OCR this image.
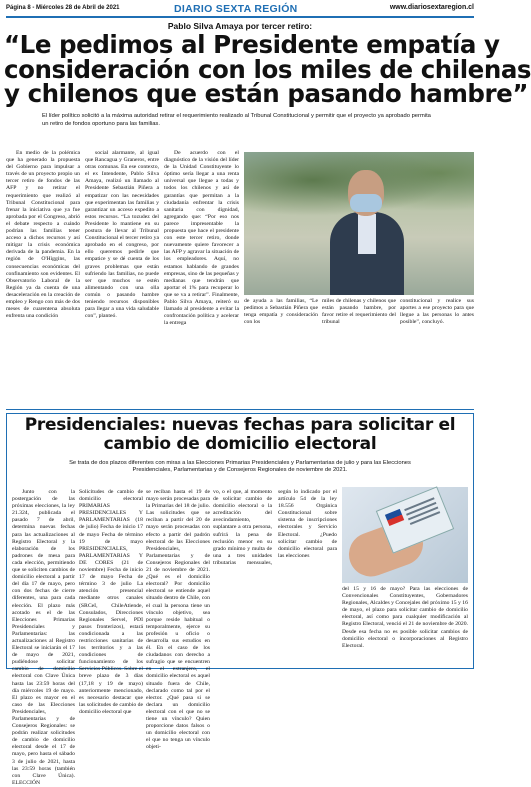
Página 8 - Miércoles 28 de Abril de 2021	DIARIO SEXTA REGIÓN	www.diariosextaregion.cl
Pablo Silva Amaya por tercer retiro:
“Le pedimos al Presidente empatía y
consideración con los miles de chilenas
y chilenos que están pasando hambre”
El líder político solicitó a la máxima autoridad retirar el requerimiento realizado al Tribunal Constitucional y permitir que el proyecto ya aprobado permita un retiro de fondos oportuno para las familias.

En medio de la polémica que ha generado la propuesta del Gobierno para impulsar a través de un proyecto propio un tercer retiro de fondos de las AFP y no retirar el requerimiento que realizó al Tribunal Constitucional para frenar la iniciativa que ya fue aprobada por el Congreso, abrió el debate respecto a cuándo podrían las familias tener acceso a dichos recursos y así mitigar la crisis económica derivada de la pandemia. En la región de O'Higgins, las consecuencias económicas del confinamiento son evidentes. El Observatorio Laboral de la Región ya da cuenta de una desaceleración en la creación de empleo y Rengo con más de dos meses de cuarentena absoluta enfrenta una condición

social alarmante, al igual que Rancagua y Graneros, entre otras comunas. En ese contexto, el ex Intendente, Pablo Silva Amaya, realizó un llamado al Presidente Sebastián Piñera a empatizar con las necesidades que experimentan las familias y garantizar un acceso expedito a estos recursos. “La tozudez del Presidente lo mantiene en su postura de llevar al Tribunal Constitucional el tercer retiro ya aprobado en el congreso, por ello queremos pedirle que empatice y se dé cuenta de los graves problemas que están sufriendo las familias, no puede ser que muchos se estén alimentando con una olla común o pasando hambre teniendo recursos disponibles para llegar a una vida saludable con”, planteó.

De acuerdo con el diagnóstico de la visión del líder de la Unidad Constituyente lo óptimo sería llegar a una renta universal que llegue a todas y todos los chilenos y así de garantías que permitan a la ciudadanía enfrentar la crisis sanitaria con dignidad, agregando que: “Por eso nos parece impresentable la propuesta que hace el presidente con este tercer retiro, donde nuevamente quiere favorecer a las AFP y agravar la situación de los empleadores. Aquí, no estamos hablando de grandes empresas, sino de las pequeñas y medianas que tendrán que aportar el 1% para recuperar lo que se va a retirar”. Finalmente, Pablo Silva Amaya, reiteró su llamado al presidente a evitar la confrontación política y acelerar la entrega

de ayuda a las familias, “Le pedimos a Sebastián Piñera que tenga empatía y consideración con los

miles de chilenas y chilenos que están pasando hambre, por favor retire el requerimiento del tribunal

constitucional y realice sus aportes a ese proyecto para que llegue a las personas lo antes posible”, concluyó.

Presidenciales: nuevas fechas para solicitar el cambio de domicilio electoral
Se trata de dos plazos diferentes con miras a las Elecciones Primarias Presidenciales y Parlamentarias de julio y para las Elecciones Presidenciales, Parlamentarias y de Consejeros Regionales de noviembre de 2021.

Junto con la postergación de las próximas elecciones, la ley 21.324, publicada el pasado 7 de abril, determina nuevas fechas para las actualizaciones al Registro Electoral y la elaboración de los padrones de mesa para cada elección, permitiendo que se soliciten cambios de domicilio electoral a partir del día 17 de mayo, pero con dos fechas de cierre diferentes, una para cada elección. El plazo más acotado es el de las Elecciones Primarias Presidenciales y Parlamentarias: las actualizaciones al Registro Electoral se iniciarán el 17 de mayo de 2021, pudiéndose solicitar cambio de domicilio electoral con Clave Única hasta las 23:59 horas del día miércoles 19 de mayo. El plazo es mayor en el caso de las Elecciones Presidenciales, Parlamentarias y de Consejeros Regionales: se podrán realizar solicitudes de cambio de domicilio electoral desde el 17 de mayo, pero hasta el sábado 3 de julio de 2021, hasta las 23:59 horas (también con Clave Única). ELECCIÓN

Solicitudes de cambio de domicilio electoral PRIMARIAS PRESIDENCIALES Y PARLAMENTARIAS (18 de julio) Fecha de inicio 17 de mayo Fecha de término 19 de mayo PRESIDENCIALES, PARLAMENTARIAS Y DE CORES (21 de noviembre) Fecha de inicio 17 de mayo Fecha de término 3 de julio La atención presencial mediante otros canales (SRCeI, ChileAtiende, Consulados, Direcciones Regionales Servel, PDI pasos fronterizos), estará condicionada a las restricciones sanitarias de los territorios y a las condiciones de funcionamiento de los Servicios Públicos. Sobre el breve plazo de 3 días (17,18 y 19 de mayo) anteriormente mencionado, es necesario destacar que las solicitudes de cambio de domicilio electoral que

se reciban hasta el 19 de mayo serán procesadas para la Primarias del 18 de julio. Las solicitudes que se reciban a partir del 20 de mayo serán procesadas con efecto a partir del padrón electoral de las Elecciones Presidenciales, Parlamentarias y de Consejeros Regionales del 21 de noviembre de 2021. ¿Qué es el domicilio electoral? Por domicilio electoral se entiende aquel situado dentro de Chile, con el cual la persona tiene un vínculo objetivo, sea porque reside habitual o temporalmente, ejerce su profesión u oficio o desarrolla sus estudios en él. En el caso de los ciudadanos con derecho a sufragio que se encuentren en el extranjero, el domicilio electoral es aquel situado fuera de Chile, declarado como tal por el elector. ¿Qué pasa si se declara un domicilio electoral con el que no se tiene un vínculo? Quien proporcione datos falsos o un domicilio electoral con el que no tenga un vínculo objeti-

vo, o el que, al momento de solicitar cambio de domicilio electoral o la acreditación del avecindamiento, suplantare a otra persona, sufrirá la pena de reclusión menor en su grado mínimo y multa de una a tres unidades tributarias mensuales, según lo indicado por el artículo 54 de la ley 18.556 Orgánica Constitucional sobre sistema de inscripciones electorales y Servicio Electoral. ¿Puedo solicitar cambio de domicilio electoral para las elecciones

del 15 y 16 de mayo? Para las elecciones de Convencionales Constituyentes, Gobernadores Regionales, Alcaldes y Concejales del próximo 15 y 16 de mayo, el plazo para solicitar cambio de domicilio electoral, así como para cualquier modificación al Registro Electoral, venció el 21 de noviembre de 2020. Desde esa fecha no es posible solicitar cambios de domicilio electoral o incorporaciones al Registro Electoral.
